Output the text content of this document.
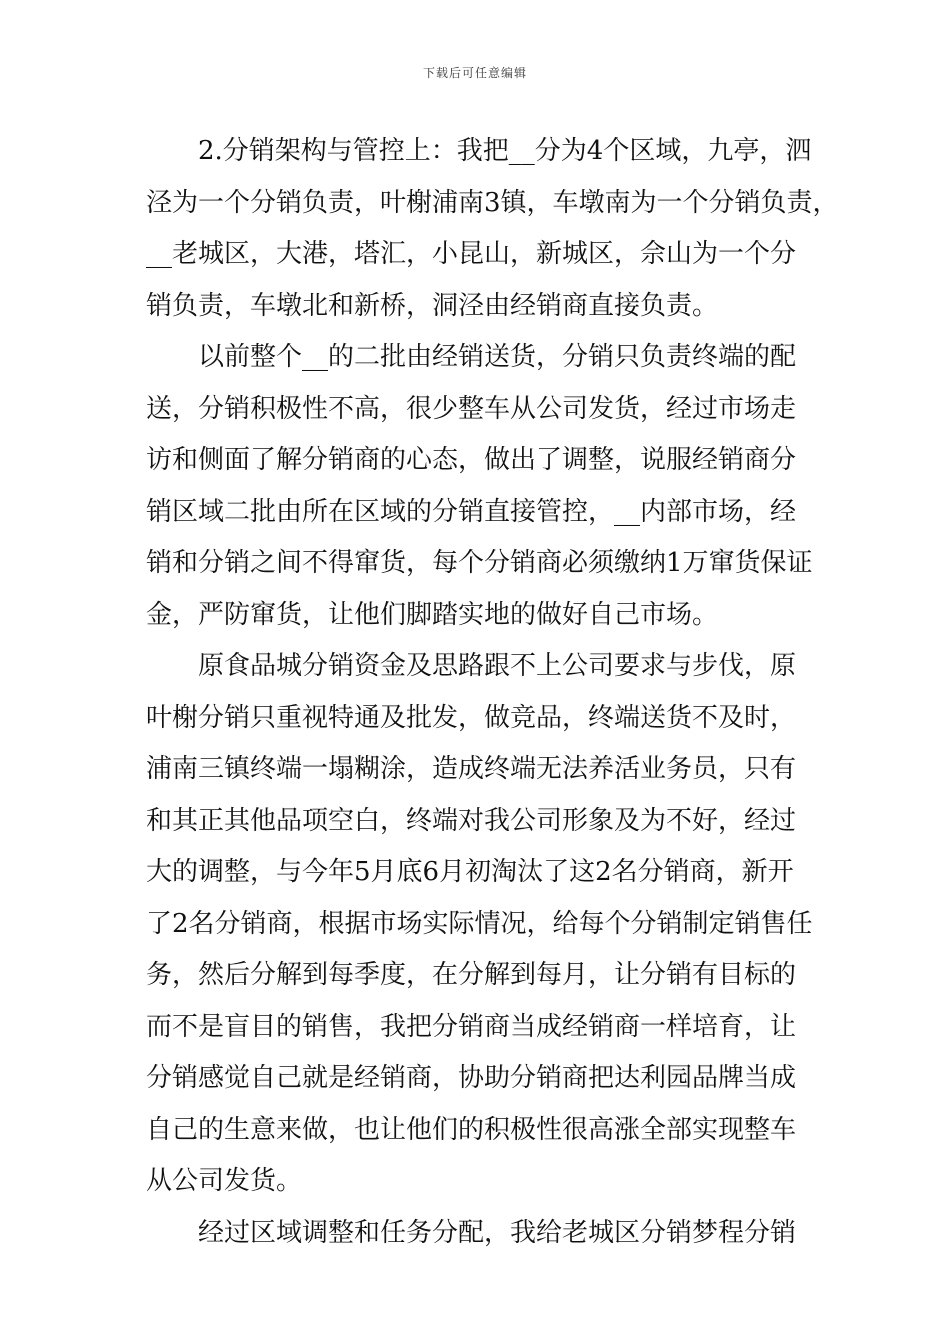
下载后可任意编辑
　　2.分销架构与管控上：我把__分为4个区域，九亭，泗
泾为一个分销负责，叶榭浦南3镇，车墩南为一个分销负责，
__老城区，大港，塔汇，小昆山，新城区，佘山为一个分
销负责，车墩北和新桥，洞泾由经销商直接负责。
　　以前整个__的二批由经销送货，分销只负责终端的配
送，分销积极性不高，很少整车从公司发货，经过市场走
访和侧面了解分销商的心态，做出了调整，说服经销商分
销区域二批由所在区域的分销直接管控，__内部市场，经
销和分销之间不得窜货，每个分销商必须缴纳1万窜货保证
金，严防窜货，让他们脚踏实地的做好自己市场。
　　原食品城分销资金及思路跟不上公司要求与步伐，原
叶榭分销只重视特通及批发，做竞品，终端送货不及时，
浦南三镇终端一塌糊涂，造成终端无法养活业务员，只有
和其正其他品项空白，终端对我公司形象及为不好，经过
大的调整，与今年5月底6月初淘汰了这2名分销商，新开
了2名分销商，根据市场实际情况，给每个分销制定销售任
务，然后分解到每季度，在分解到每月，让分销有目标的
而不是盲目的销售，我把分销商当成经销商一样培育，让
分销感觉自己就是经销商，协助分销商把达利园品牌当成
自己的生意来做，也让他们的积极性很高涨全部实现整车
从公司发货。
　　经过区域调整和任务分配，我给老城区分销梦程分销
